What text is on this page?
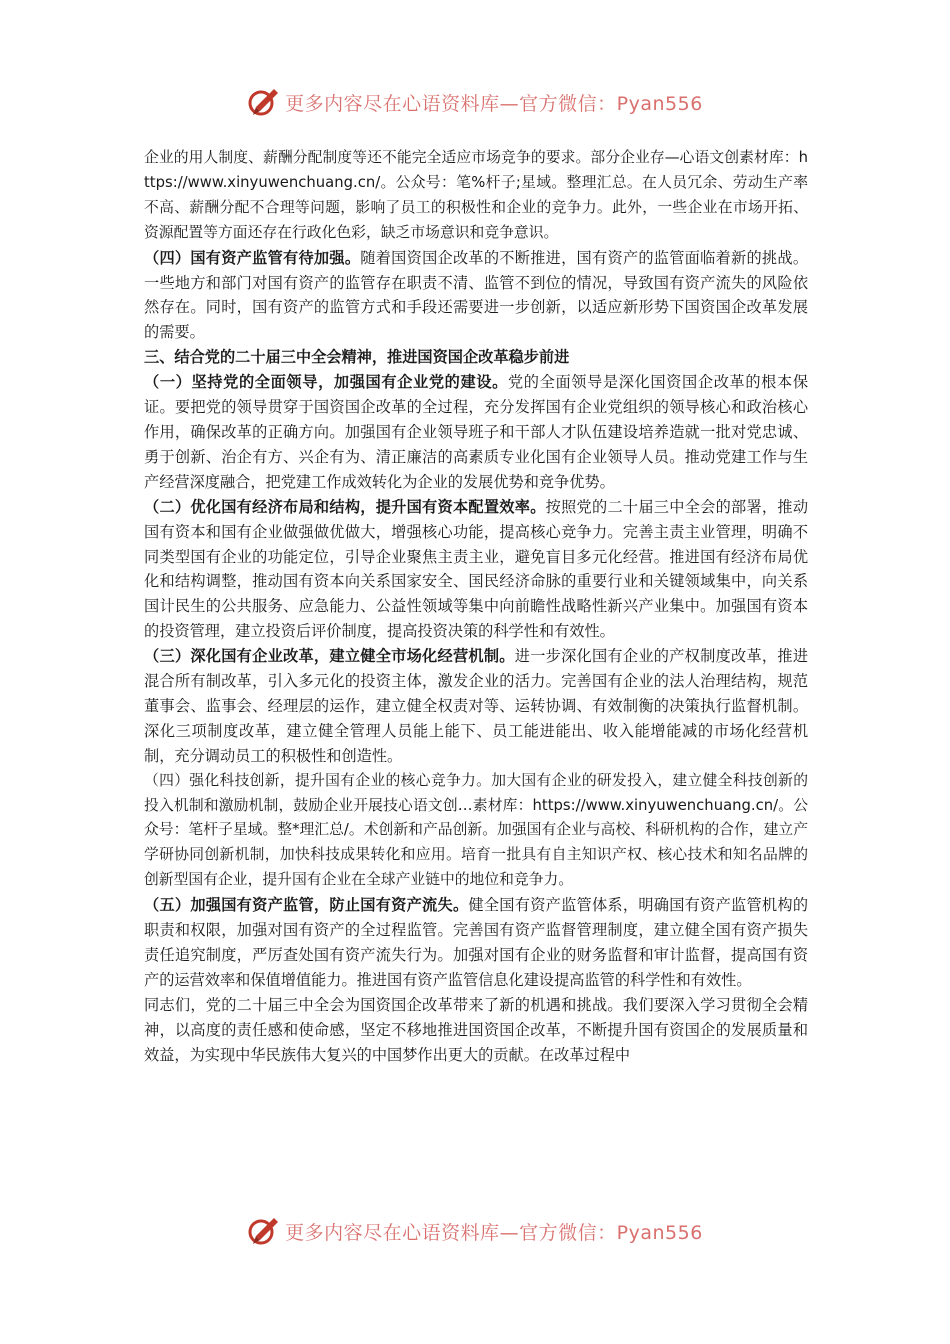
更多内容尽在心语资料库—官方微信：Pyan556

企业的用人制度、薪酬分配制度等还不能完全适应市场竞争的要求。部分企业存—心语文创素材库：https://www.xinyuwenchuang.cn/。公众号：笔%杆子;星域。整理汇总。在人员冗余、劳动生产率不高、薪酬分配不合理等问题，影响了员工的积极性和企业的竞争力。此外，一些企业在市场开拓、资源配置等方面还存在行政化色彩，缺乏市场意识和竞争意识。

（四）国有资产监管有待加强。随着国资国企改革的不断推进，国有资产的监管面临着新的挑战。一些地方和部门对国有资产的监管存在职责不清、监管不到位的情况，导致国有资产流失的风险依然存在。同时，国有资产的监管方式和手段还需要进一步创新，以适应新形势下国资国企改革发展的需要。

三、结合党的二十届三中全会精神，推进国资国企改革稳步前进

（一）坚持党的全面领导，加强国有企业党的建设。党的全面领导是深化国资国企改革的根本保证。要把党的领导贯穿于国资国企改革的全过程，充分发挥国有企业党组织的领导核心和政治核心作用，确保改革的正确方向。加强国有企业领导班子和干部人才队伍建设培养造就一批对党忠诚、勇于创新、治企有方、兴企有为、清正廉洁的高素质专业化国有企业领导人员。推动党建工作与生产经营深度融合，把党建工作成效转化为企业的发展优势和竞争优势。

（二）优化国有经济布局和结构，提升国有资本配置效率。按照党的二十届三中全会的部署，推动国有资本和国有企业做强做优做大，增强核心功能，提高核心竞争力。完善主责主业管理，明确不同类型国有企业的功能定位，引导企业聚焦主责主业，避免盲目多元化经营。推进国有经济布局优化和结构调整，推动国有资本向关系国家安全、国民经济命脉的重要行业和关键领域集中，向关系国计民生的公共服务、应急能力、公益性领域等集中向前瞻性战略性新兴产业集中。加强国有资本的投资管理，建立投资后评价制度，提高投资决策的科学性和有效性。

（三）深化国有企业改革，建立健全市场化经营机制。进一步深化国有企业的产权制度改革，推进混合所有制改革，引入多元化的投资主体，激发企业的活力。完善国有企业的法人治理结构，规范董事会、监事会、经理层的运作，建立健全权责对等、运转协调、有效制衡的决策执行监督机制。深化三项制度改革，建立健全管理人员能上能下、员工能进能出、收入能增能减的市场化经营机制，充分调动员工的积极性和创造性。

（四）强化科技创新，提升国有企业的核心竞争力。加大国有企业的研发投入，建立健全科技创新的投入机制和激励机制，鼓励企业开展技心语文创…素材库：https://www.xinyuwenchuang.cn/。公众号：笔杆子星域。整*理汇总/。术创新和产品创新。加强国有企业与高校、科研机构的合作，建立产学研协同创新机制，加快科技成果转化和应用。培育一批具有自主知识产权、核心技术和知名品牌的创新型国有企业，提升国有企业在全球产业链中的地位和竞争力。

（五）加强国有资产监管，防止国有资产流失。健全国有资产监管体系，明确国有资产监管机构的职责和权限，加强对国有资产的全过程监管。完善国有资产监督管理制度，建立健全国有资产损失责任追究制度，严厉查处国有资产流失行为。加强对国有企业的财务监督和审计监督，提高国有资产的运营效率和保值增值能力。推进国有资产监管信息化建设提高监管的科学性和有效性。

同志们，党的二十届三中全会为国资国企改革带来了新的机遇和挑战。我们要深入学习贯彻全会精神，以高度的责任感和使命感，坚定不移地推进国资国企改革，不断提升国有资国企的发展质量和效益，为实现中华民族伟大复兴的中国梦作出更大的贡献。在改革过程中

更多内容尽在心语资料库—官方微信：Pyan556
